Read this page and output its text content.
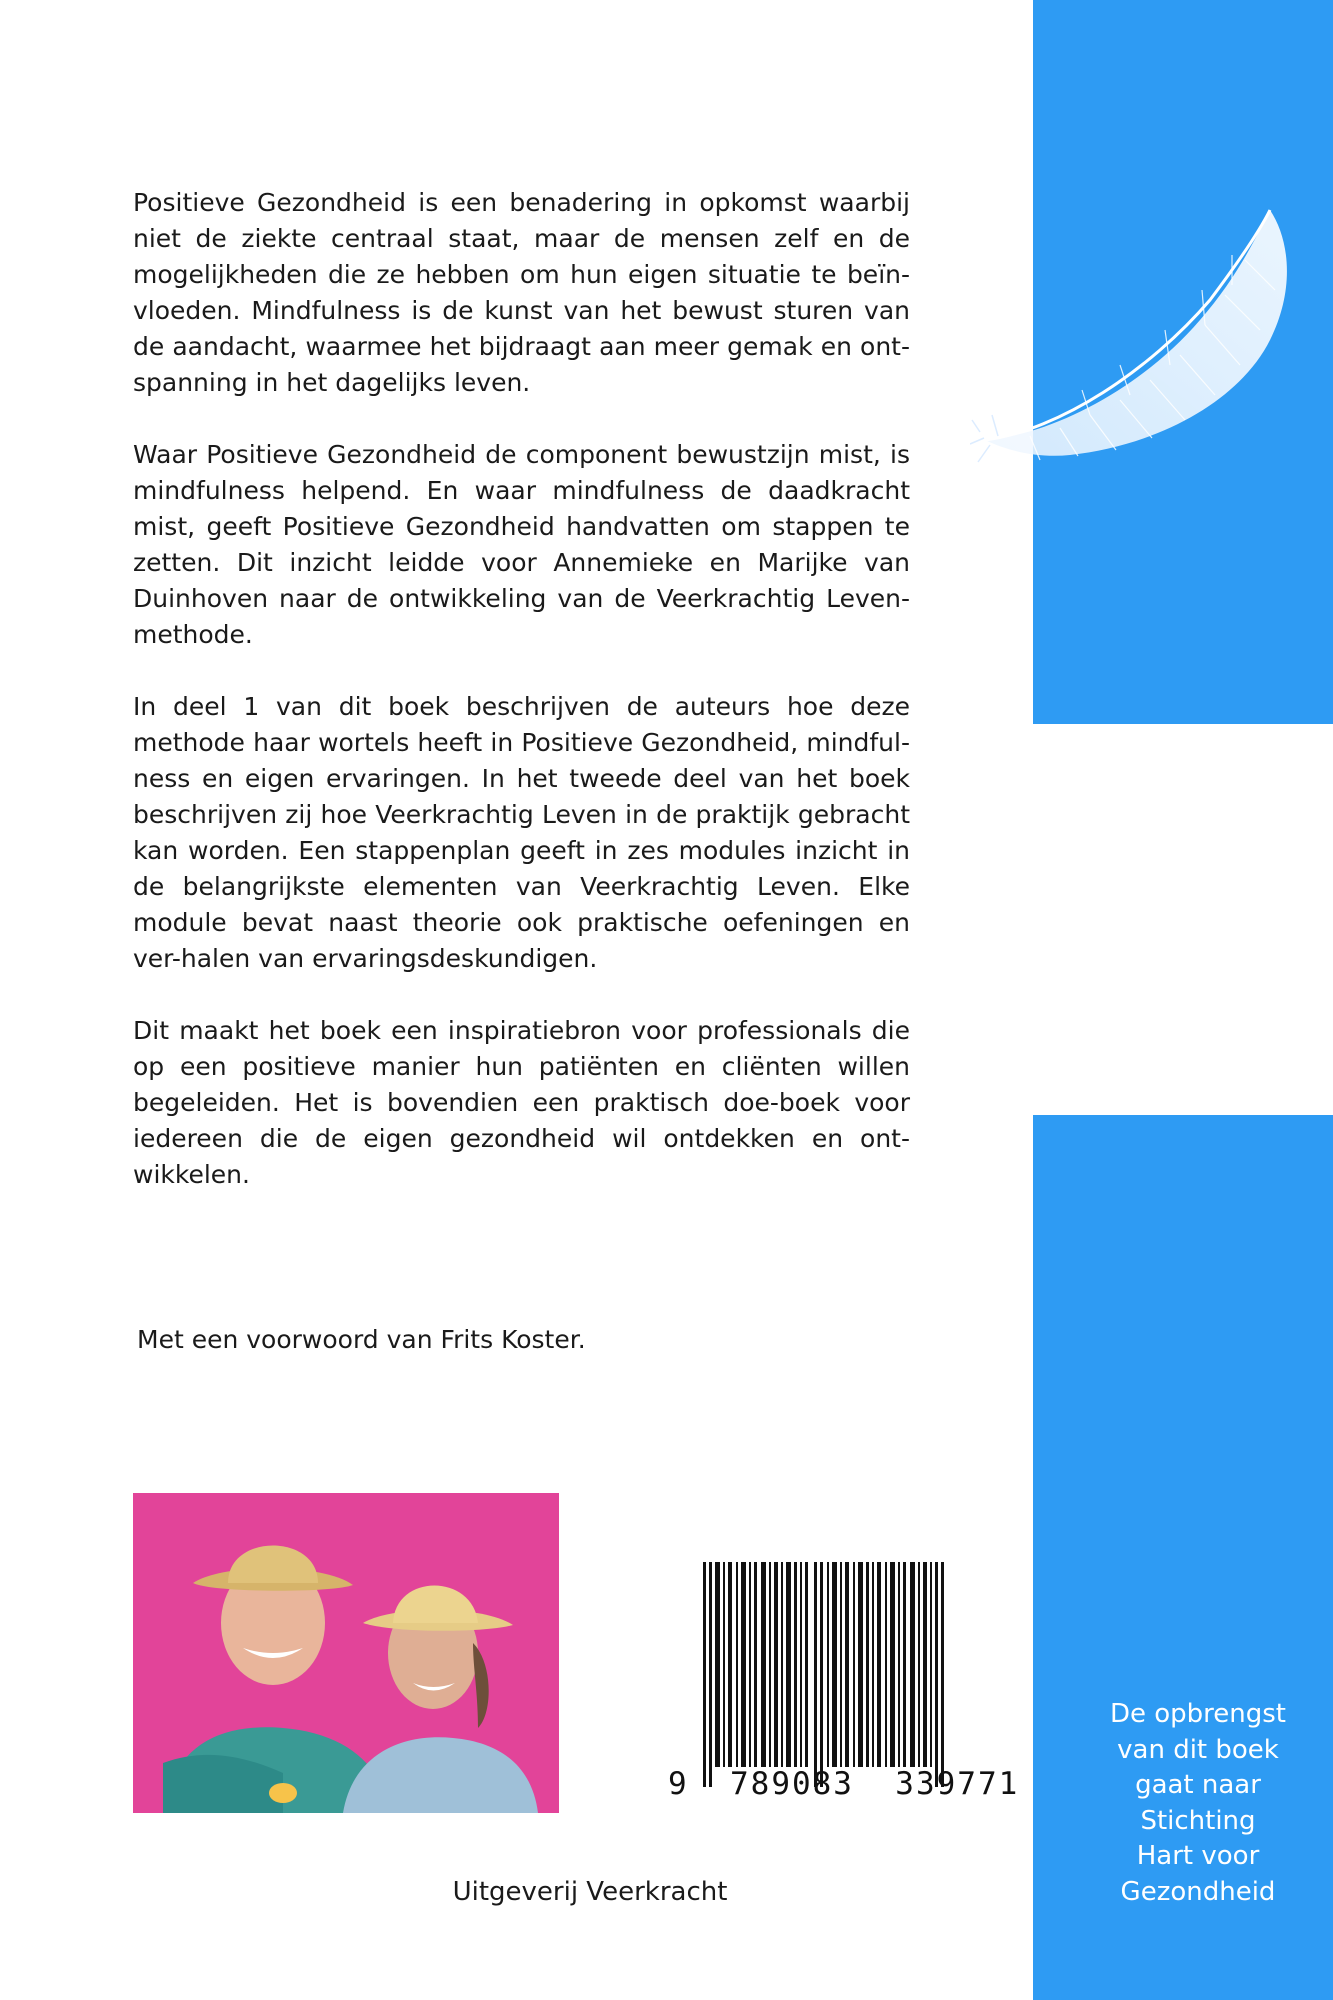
Positieve Gezondheid is een benadering in opkomst waarbij niet de ziekte centraal staat, maar de mensen zelf en de mogelijkheden die ze hebben om hun eigen situatie te beïn-vloeden. Mindfulness is de kunst van het bewust sturen van de aandacht, waarmee het bijdraagt aan meer gemak en ont-spanning in het dagelijks leven.

Waar Positieve Gezondheid de component bewustzijn mist, is mindfulness helpend. En waar mindfulness de daadkracht mist, geeft Positieve Gezondheid handvatten om stappen te zetten. Dit inzicht leidde voor Annemieke en Marijke van Duinhoven naar de ontwikkeling van de Veerkrachtig Leven-methode.

In deel 1 van dit boek beschrijven de auteurs hoe deze methode haar wortels heeft in Positieve Gezondheid, mindful-ness en eigen ervaringen. In het tweede deel van het boek beschrijven zij hoe Veerkrachtig Leven in de praktijk gebracht kan worden. Een stappenplan geeft in zes modules inzicht in de belangrijkste elementen van Veerkrachtig Leven. Elke module bevat naast theorie ook praktische oefeningen en ver-halen van ervaringsdeskundigen.

Dit maakt het boek een inspiratiebron voor professionals die op een positieve manier hun patiënten en cliënten willen begeleiden. Het is bovendien een praktisch doe-boek voor iedereen die de eigen gezondheid wil ontdekken en ont-wikkelen.

Met een voorwoord van Frits Koster.
9  789083  339771
Uitgeverij Veerkracht
De opbrengst
van dit boek
gaat naar
Stichting
Hart voor
Gezondheid
